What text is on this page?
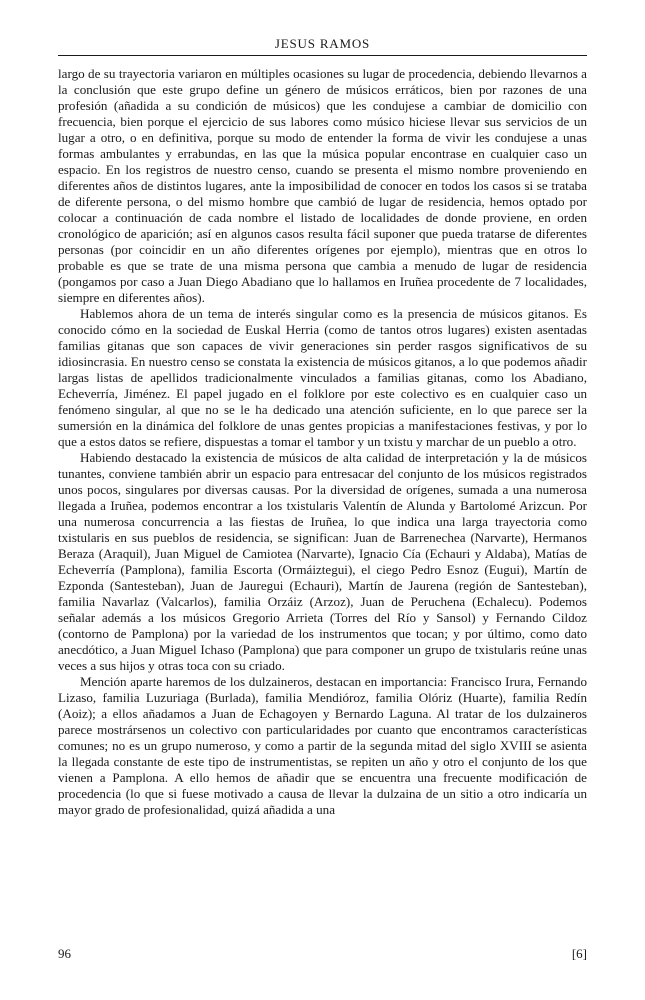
JESUS RAMOS

largo de su trayectoria variaron en múltiples ocasiones su lugar de procedencia, debiendo llevarnos a la conclusión que este grupo define un género de músicos erráticos, bien por razones de una profesión (añadida a su condición de músicos) que les condujese a cambiar de domicilio con frecuencia, bien porque el ejercicio de sus labores como músico hiciese llevar sus servicios de un lugar a otro, o en definitiva, porque su modo de entender la forma de vivir les condujese a unas formas ambulantes y errabundas, en las que la música popular encontrase en cualquier caso un espacio. En los registros de nuestro censo, cuando se presenta el mismo nombre proveniendo en diferentes años de distintos lugares, ante la imposibilidad de conocer en todos los casos si se trataba de diferente persona, o del mismo hombre que cambió de lugar de residencia, hemos optado por colocar a continuación de cada nombre el listado de localidades de donde proviene, en orden cronológico de aparición; así en algunos casos resulta fácil suponer que pueda tratarse de diferentes personas (por coincidir en un año diferentes orígenes por ejemplo), mientras que en otros lo probable es que se trate de una misma persona que cambia a menudo de lugar de residencia (pongamos por caso a Juan Diego Abadiano que lo hallamos en Iruñea procedente de 7 localidades, siempre en diferentes años).

Hablemos ahora de un tema de interés singular como es la presencia de músicos gitanos. Es conocido cómo en la sociedad de Euskal Herria (como de tantos otros lugares) existen asentadas familias gitanas que son capaces de vivir generaciones sin perder rasgos significativos de su idiosincrasia. En nuestro censo se constata la existencia de músicos gitanos, a lo que podemos añadir largas listas de apellidos tradicionalmente vinculados a familias gitanas, como los Abadiano, Echeverría, Jiménez. El papel jugado en el folklore por este colectivo es en cualquier caso un fenómeno singular, al que no se le ha dedicado una atención suficiente, en lo que parece ser la sumersión en la dinámica del folklore de unas gentes propicias a manifestaciones festivas, y por lo que a estos datos se refiere, dispuestas a tomar el tambor y un txistu y marchar de un pueblo a otro.

Habiendo destacado la existencia de músicos de alta calidad de interpretación y la de músicos tunantes, conviene también abrir un espacio para entresacar del conjunto de los músicos registrados unos pocos, singulares por diversas causas. Por la diversidad de orígenes, sumada a una numerosa llegada a Iruñea, podemos encontrar a los txistularis Valentín de Alunda y Bartolomé Arizcun. Por una numerosa concurrencia a las fiestas de Iruñea, lo que indica una larga trayectoria como txistularis en sus pueblos de residencia, se significan: Juan de Barrenechea (Narvarte), Hermanos Beraza (Araquil), Juan Miguel de Camiotea (Narvarte), Ignacio Cía (Echauri y Aldaba), Matías de Echeverría (Pamplona), familia Escorta (Ormáiztegui), el ciego Pedro Esnoz (Eugui), Martín de Ezponda (Santesteban), Juan de Jauregui (Echauri), Martín de Jaurena (región de Santesteban), familia Navarlaz (Valcarlos), familia Orzáiz (Arzoz), Juan de Peruchena (Echalecu). Podemos señalar además a los músicos Gregorio Arrieta (Torres del Río y Sansol) y Fernando Cildoz (contorno de Pamplona) por la variedad de los instrumentos que tocan; y por último, como dato anecdótico, a Juan Miguel Ichaso (Pamplona) que para componer un grupo de txistularis reúne unas veces a sus hijos y otras toca con su criado.

Mención aparte haremos de los dulzaineros, destacan en importancia: Francisco Irura, Fernando Lizaso, familia Luzuriaga (Burlada), familia Mendióroz, familia Olóriz (Huarte), familia Redín (Aoiz); a ellos añadamos a Juan de Echagoyen y Bernardo Laguna. Al tratar de los dulzaineros parece mostrársenos un colectivo con particularidades por cuanto que encontramos características comunes; no es un grupo numeroso, y como a partir de la segunda mitad del siglo XVIII se asienta la llegada constante de este tipo de instrumentistas, se repiten un año y otro el conjunto de los que vienen a Pamplona. A ello hemos de añadir que se encuentra una frecuente modificación de procedencia (lo que si fuese motivado a causa de llevar la dulzaina de un sitio a otro indicaría un mayor grado de profesionalidad, quizá añadida a una

96	[6]
